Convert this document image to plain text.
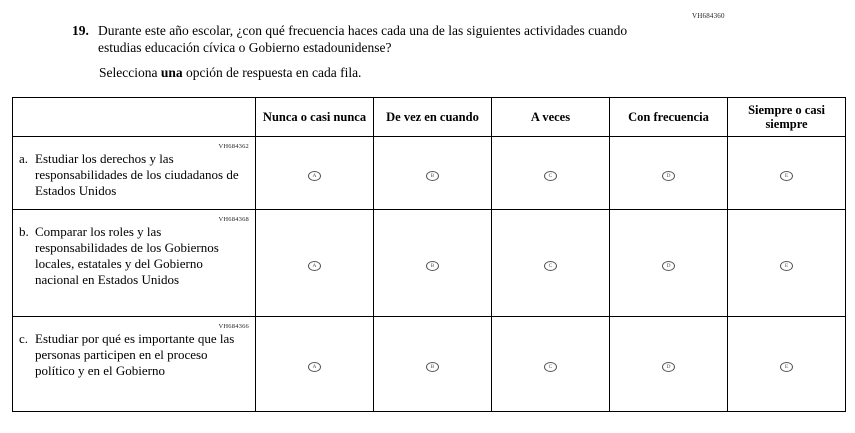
VH684360
19. Durante este año escolar, ¿con qué frecuencia haces cada una de las siguientes actividades cuando estudias educación cívica o Gobierno estadounidense?
Selecciona una opción de respuesta en cada fila.
	Nunca o casi nunca	De vez en cuando	A veces	Con frecuencia	Siempre o casi siempre

VH684362
a. Estudiar los derechos y las responsabilidades de los ciudadanos de Estados Unidos	A	B	C	D	E

VH684368
b. Comparar los roles y las responsabilidades de los Gobiernos locales, estatales y del Gobierno nacional en Estados Unidos	A	B	C	D	E

VH684366
c. Estudiar por qué es importante que las personas participen en el proceso político y en el Gobierno	A	B	C	D	E
